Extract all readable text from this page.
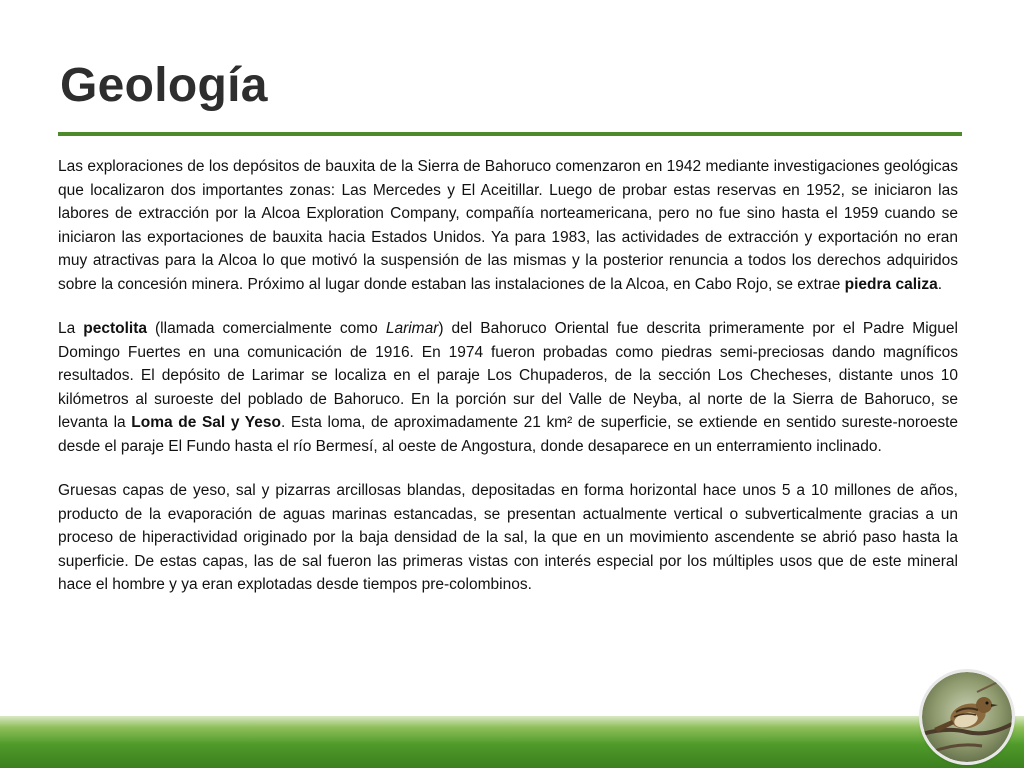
Geología

Las exploraciones de los depósitos de bauxita de la Sierra de Bahoruco comenzaron en 1942 mediante investigaciones geológicas que localizaron dos importantes zonas: Las Mercedes y El Aceitillar. Luego de probar estas reservas en 1952, se iniciaron las labores de extracción por la Alcoa Exploration Company, compañía norteamericana, pero no fue sino hasta el 1959 cuando se iniciaron las exportaciones de bauxita hacia Estados Unidos. Ya para 1983, las actividades de extracción y exportación no eran muy atractivas para la Alcoa lo que motivó la suspensión de las mismas y la posterior renuncia a todos los derechos adquiridos sobre la concesión minera. Próximo al lugar donde estaban las instalaciones de la Alcoa, en Cabo Rojo, se extrae piedra caliza.

La pectolita (llamada comercialmente como Larimar) del Bahoruco Oriental fue descrita primeramente por el Padre Miguel Domingo Fuertes en una comunicación de 1916. En 1974 fueron probadas como piedras semi-preciosas dando magníficos resultados. El depósito de Larimar se localiza en el paraje Los Chupaderos, de la sección Los Checheses, distante unos 10 kilómetros al suroeste del poblado de Bahoruco. En la porción sur del Valle de Neyba, al norte de la Sierra de Bahoruco, se levanta la Loma de Sal y Yeso. Esta loma, de aproximadamente 21 km² de superficie, se extiende en sentido sureste-noroeste desde el paraje El Fundo hasta el río Bermesí, al oeste de Angostura, donde desaparece en un enterramiento inclinado.

Gruesas capas de yeso, sal y pizarras arcillosas blandas, depositadas en forma horizontal hace unos 5 a 10 millones de años, producto de la evaporación de aguas marinas estancadas, se presentan actualmente vertical o subverticalmente gracias a un proceso de hiperactividad originado por la baja densidad de la sal, la que en un movimiento ascendente se abrió paso hasta la superficie. De estas capas, las de sal fueron las primeras vistas con interés especial por los múltiples usos que de este mineral hace el hombre y ya eran explotadas desde tiempos pre-colombinos.
